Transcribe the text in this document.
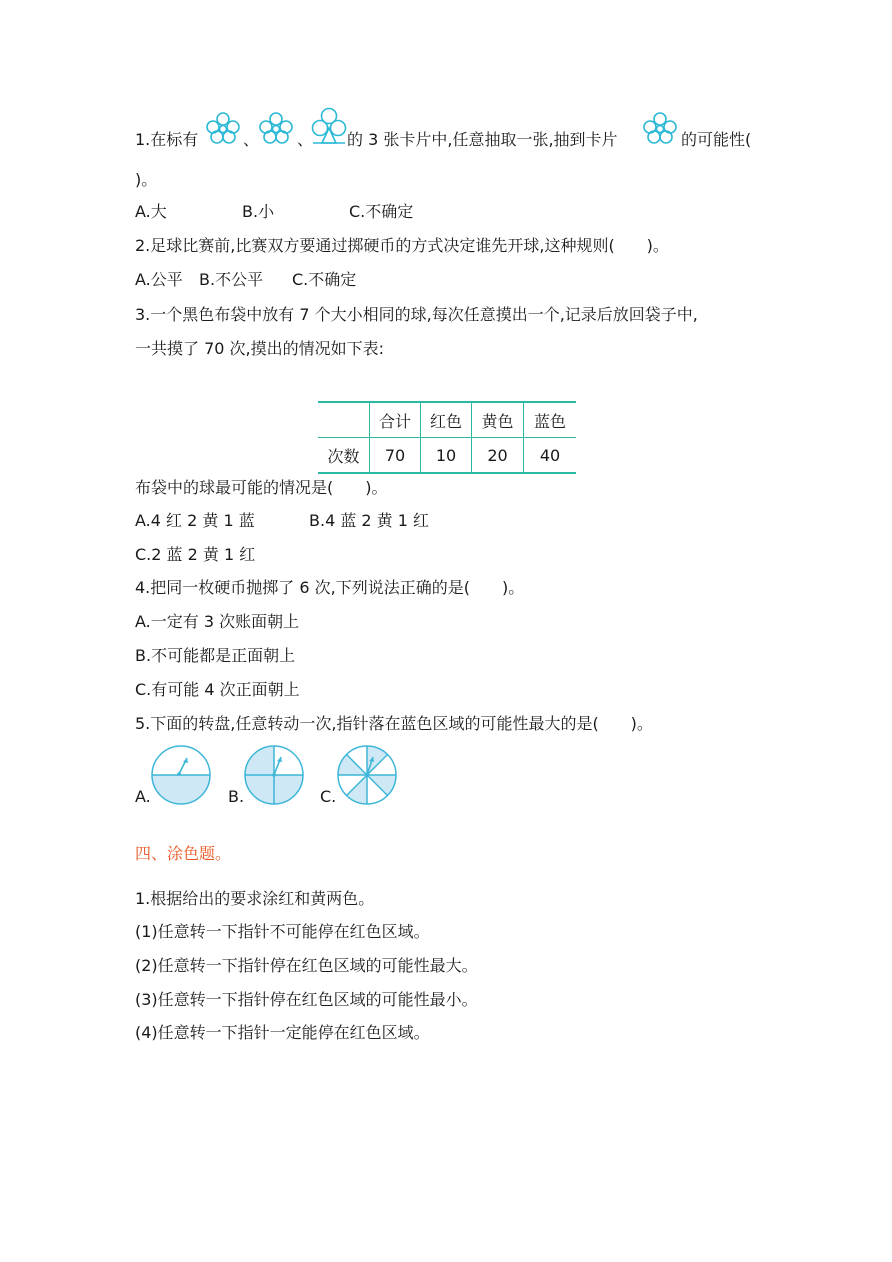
1.在标有	、 、 的 3 张卡片中,任意抽取一张,抽到卡片	的可能性(
)。
A.大	B.小	C.不确定
2.足球比赛前,比赛双方要通过掷硬币的方式决定谁先开球,这种规则(　　)。
A.公平 B.不公平 C.不确定
3.一个黑色布袋中放有 7 个大小相同的球,每次任意摸出一个,记录后放回袋子中,
一共摸了 70 次,摸出的情况如下表:
	合计	红色	黄色	蓝色
次数	70	10	20	40
布袋中的球最可能的情况是(　　)。
A.4 红 2 黄 1 蓝	B.4 蓝 2 黄 1 红
C.2 蓝 2 黄 1 红
4.把同一枚硬币抛掷了 6 次,下列说法正确的是(　　)。
A.一定有 3 次账面朝上
B.不可能都是正面朝上
C.有可能 4 次正面朝上
5.下面的转盘,任意转动一次,指针落在蓝色区域的可能性最大的是(　　)。
A.	B.	C.
四、涂色题。
1.根据给出的要求涂红和黄两色。
(1)任意转一下指针不可能停在红色区域。
(2)任意转一下指针停在红色区域的可能性最大。
(3)任意转一下指针停在红色区域的可能性最小。
(4)任意转一下指针一定能停在红色区域。
